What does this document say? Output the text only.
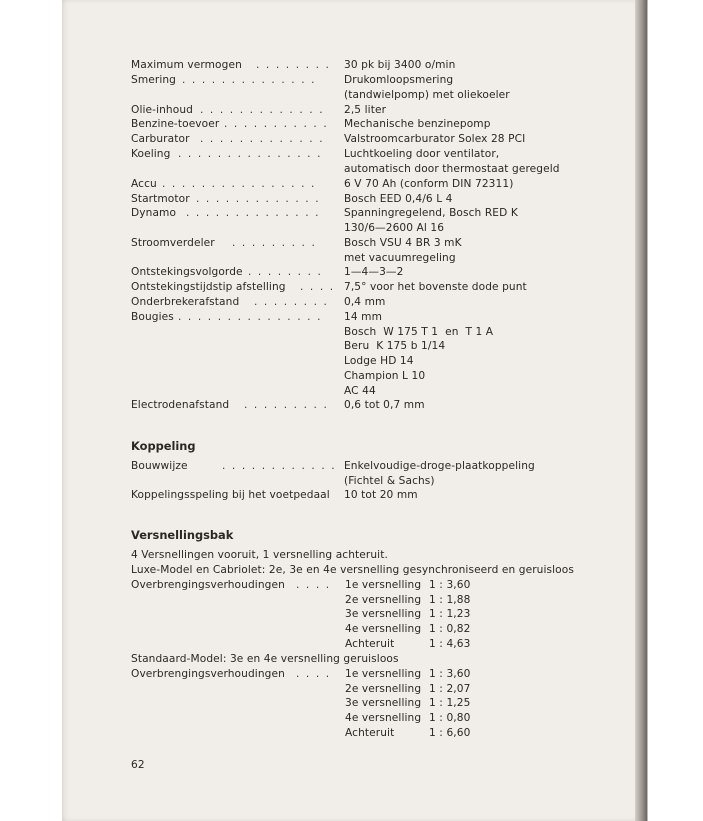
Maximum vermogen . . . . . . . . 30 pk bij 3400 o/min
Smering . . . . . . . . . . . . . .	Drukomloopsmering
(tandwielpomp) met oliekoeler
Olie-inhoud . . . . . . . . . . . . . 2,5 liter
Benzine-toevoer . . . . . . . . . . . Mechanische benzinepomp
Carburator . . . . . . . . . . . . . Valstroomcarburator Solex 28 PCI
Koeling . . . . . . . . . . . . . . . Luchtkoeling door ventilator,
automatisch door thermostaat geregeld
Accu . . . . . . . . . . . . . . . .	6 V 70 Ah (conform DIN 72311)
Startmotor . . . . . . . . . . . . . Bosch EED 0,4/6 L 4
Dynamo . . . . . . . . . . . . . . Spanningregelend, Bosch RED K
130/6—2600 Al 16
Stroomverdeler . . . . . . . . .	Bosch VSU 4 BR 3 mK
met vacuumregeling
Ontstekingsvolgorde . . . . . . . . 1—4—3—2
Ontstekingstijdstip afstelling . . . . 7,5° voor het bovenste dode punt
Onderbrekerafstand . . . . . . . . 0,4 mm
Bougies . . . . . . . . . . . . . . . 14 mm
Bosch  W 175 T 1  en  T 1 A
Beru  K 175 b 1/14
Lodge HD 14
Champion L 10
AC 44
Electrodenafstand . . . . . . . . . 0,6 tot 0,7 mm
Koppeling
Bouwwijze	. . . . . . . . . . . . Enkelvoudige-droge-plaatkoppeling
(Fichtel & Sachs)
Koppelingsspeling bij het voetpedaal 10 tot 20 mm
Versnellingsbak
4 Versnellingen vooruit, 1 versnelling achteruit.
Luxe-Model en Cabriolet: 2e, 3e en 4e versnelling gesynchroniseerd en geruisloos
Overbrengingsverhoudingen . . . . 1e versnelling 1 : 3,60
2e versnelling 1 : 1,88
3e versnelling 1 : 1,23
4e versnelling 1 : 0,82
Achteruit	1 : 4,63
Standaard-Model: 3e en 4e versnelling geruisloos
Overbrengingsverhoudingen . . . . 1e versnelling 1 : 3,60
2e versnelling 1 : 2,07
3e versnelling 1 : 1,25
4e versnelling 1 : 0,80
Achteruit	1 : 6,60
62
